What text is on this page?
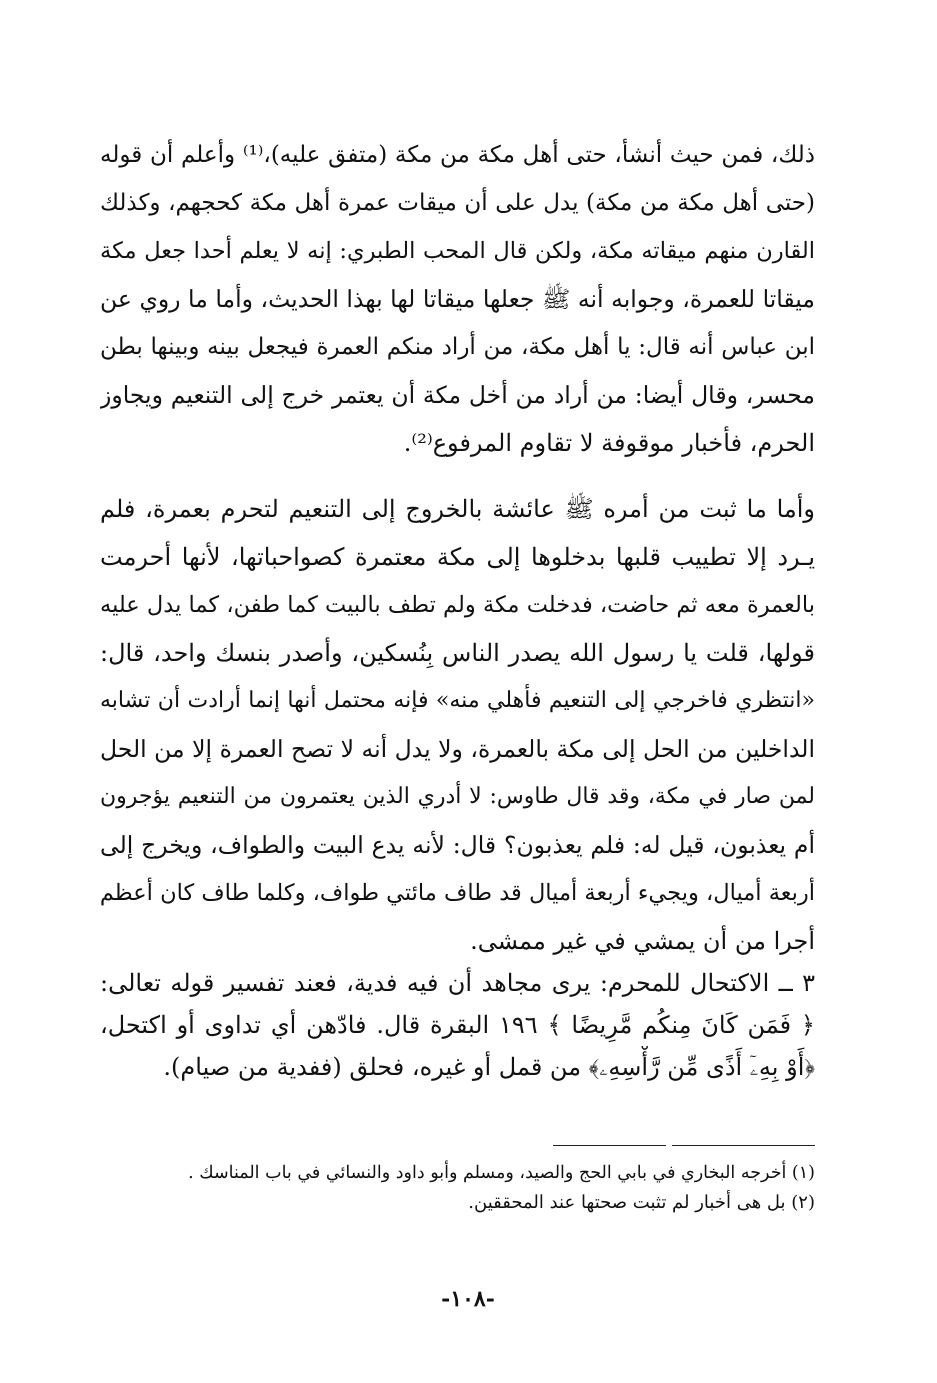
ذلك، فمن حيث أنشأ، حتى أهل مكة من مكة (متفق عليه)،⁽¹⁾ وأعلم أن قوله
(حتى أهل مكة من مكة) يدل على أن ميقات عمرة أهل مكة كحجهم، وكذلك
القارن منهم ميقاته مكة، ولكن قال المحب الطبري: إنه لا يعلم أحدا جعل مكة
ميقاتا للعمرة، وجوابه أنه ﷺ جعلها ميقاتا لها بهذا الحديث، وأما ما روي عن
ابن عباس أنه قال: يا أهل مكة، من أراد منكم العمرة فيجعل بينه وبينها بطن
محسر، وقال أيضا: من أراد من أخل مكة أن يعتمر خرج إلى التنعيم ويجاوز
الحرم، فأخبار موقوفة لا تقاوم المرفوع⁽²⁾.
وأما ما ثبت من أمره ﷺ عائشة بالخروج إلى التنعيم لتحرم بعمرة، فلم
يـرد إلا تطييب قلبها بدخلوها إلى مكة معتمرة كصواحباتها، لأنها أحرمت
بالعمرة معه ثم حاضت، فدخلت مكة ولم تطف بالبيت كما طفن، كما يدل عليه
قولها، قلت يا رسول الله يصدر الناس بِنُسكين، وأصدر بنسك واحد، قال:
«انتظري فاخرجي إلى التنعيم فأهلي منه» فإنه محتمل أنها إنما أرادت أن تشابه
الداخلين من الحل إلى مكة بالعمرة، ولا يدل أنه لا تصح العمرة إلا من الحل
لمن صار في مكة، وقد قال طاوس: لا أدري الذين يعتمرون من التنعيم يؤجرون
أم يعذبون، قيل له: فلم يعذبون؟ قال: لأنه يدع البيت والطواف، ويخرج إلى
أربعة أميال، ويجيء أربعة أميال قد طاف مائتي طواف، وكلما طاف كان أعظم
أجرا من أن يمشي في غير ممشى.
٣ ــ الاكتحال للمحرم: يرى مجاهد أن فيه فدية، فعند تفسير قوله تعالى:
﴿ فَمَن كَانَ مِنكُم مَّرِيضًا ﴾ ١٩٦ البقرة قال. فادّهن أي تداوى أو اكتحل،
﴿أَوْ بِهِۦٓ أَذًى مِّن رَّأْسِهِۦ﴾ من قمل أو غيره، فحلق (ففدية من صيام).
(١) أخرجه البخاري في بابي الحج والصيد، ومسلم وأبو داود والنسائي في باب المناسك .
(٢) بل هى أخبار لم تثبت صحتها عند المحققين.
-١٠٨-
